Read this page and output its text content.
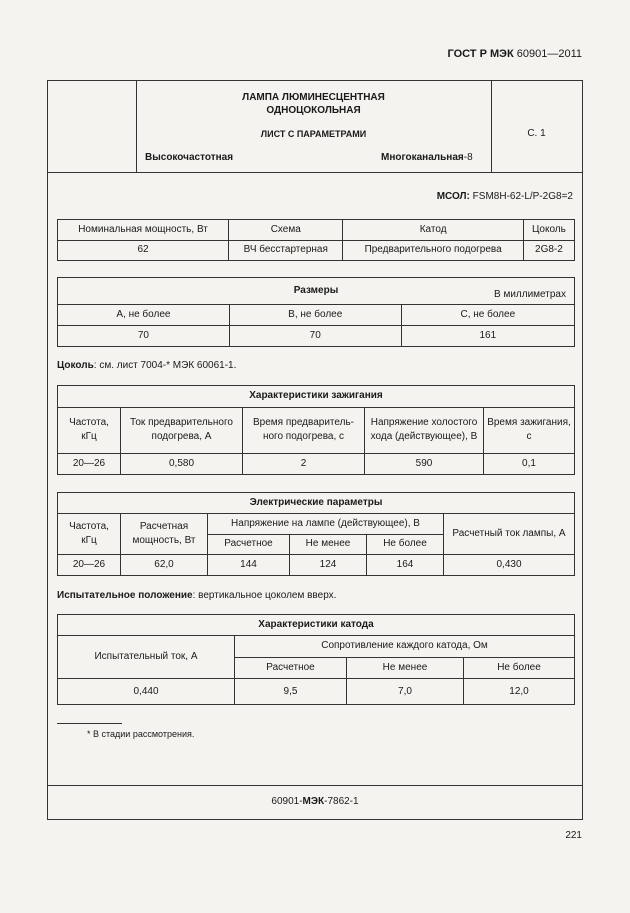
ГОСТ Р МЭК 60901—2011
ЛАМПА ЛЮМИНЕСЦЕНТНАЯ
ОДНОЦОКОЛЬНАЯ
ЛИСТ С ПАРАМЕТРАМИ
Высокочастотная	Многоканальная-8
С. 1
МСОЛ: FSM8H-62-L/P-2G8=2
Номинальная мощность, Вт	Схема	Катод	Цоколь
62	ВЧ бесстартерная	Предварительного подогрева	2G8-2
Размеры В миллиметрах		

A, не более	B, не более	C, не более
70	70	161
Цоколь: см. лист 7004-* МЭК 60061-1.
Характеристики зажигания				
Частота, кГц	Ток предварительного подогрева, А	Время предваритель-ного подогрева, с	Напряжение холостого хода (действующее), В	Время зажигания, с
20—26	0,580	2	590	0,1
Электрические параметры					
Частота, кГц	Расчетная мощность, Вт	Напряжение на лампе (действующее), В			Расчетный ток лампы, А
		Расчетное	Не менее	Не более	
20—26	62,0	144	124	164	0,430
Испытательное положение: вертикальное цоколем вверх.
Характеристики катода			
Испытательный ток, А	Сопротивление каждого катода, Ом		
	Расчетное	Не менее	Не более
0,440	9,5	7,0	12,0
* В стадии рассмотрения.
60901-МЭК-7862-1
221
